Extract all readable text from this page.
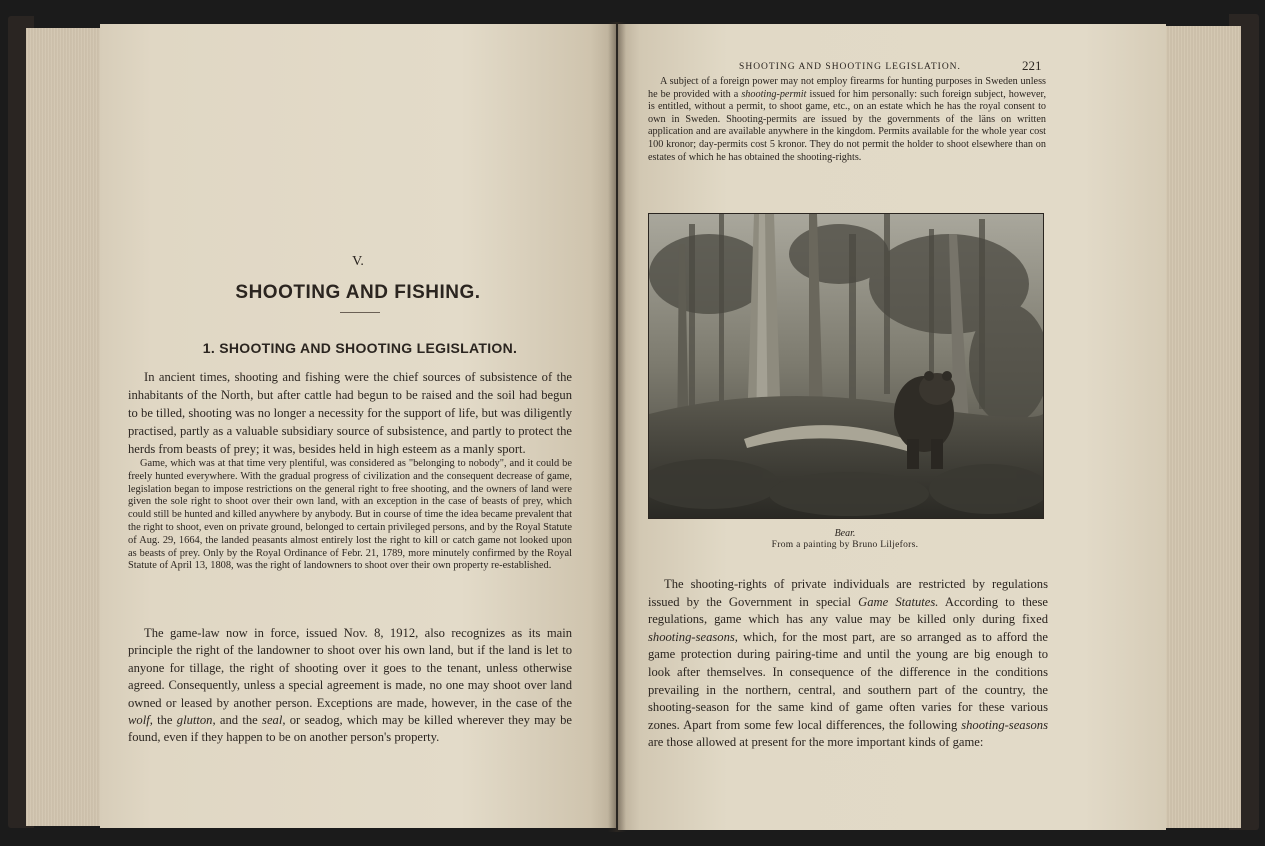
V.
SHOOTING AND FISHING.
1. SHOOTING AND SHOOTING LEGISLATION.
In ancient times, shooting and fishing were the chief sources of subsistence of the inhabitants of the North, but after cattle had begun to be raised and the soil had begun to be tilled, shooting was no longer a necessity for the support of life, but was diligently practised, partly as a valuable subsidiary source of subsistence, and partly to protect the herds from beasts of prey; it was, besides held in high esteem as a manly sport.
Game, which was at that time very plentiful, was considered as "belonging to nobody", and it could be freely hunted everywhere. With the gradual progress of civilization and the consequent decrease of game, legislation began to impose restrictions on the general right to free shooting, and the owners of land were given the sole right to shoot over their own land, with an exception in the case of beasts of prey, which could still be hunted and killed anywhere by anybody. But in course of time the idea became prevalent that the right to shoot, even on private ground, belonged to certain privileged persons, and by the Royal Statute of Aug. 29, 1664, the landed peasants almost entirely lost the right to kill or catch game not looked upon as beasts of prey. Only by the Royal Ordinance of Febr. 21, 1789, more minutely confirmed by the Royal Statute of April 13, 1808, was the right of landowners to shoot over their own property re-established.
The game-law now in force, issued Nov. 8, 1912, also recognizes as its main principle the right of the landowner to shoot over his own land, but if the land is let to anyone for tillage, the right of shooting over it goes to the tenant, unless otherwise agreed. Consequently, unless a special agreement is made, no one may shoot over land owned or leased by another person. Exceptions are made, however, in the case of the wolf, the glutton, and the seal, or seadog, which may be killed wherever they may be found, even if they happen to be on another person's property.
SHOOTING AND SHOOTING LEGISLATION.	221
A subject of a foreign power may not employ firearms for hunting purposes in Sweden unless he be provided with a shooting-permit issued for him personally: such foreign subject, however, is entitled, without a permit, to shoot game, etc., on an estate which he has the royal consent to own in Sweden. Shooting-permits are issued by the governments of the läns on written application and are available anywhere in the kingdom. Permits available for the whole year cost 100 kronor; day-permits cost 5 kronor. They do not permit the holder to shoot elsewhere than on estates of which he has obtained the shooting-rights.
Bear.
From a painting by Bruno Liljefors.
The shooting-rights of private individuals are restricted by regulations issued by the Government in special Game Statutes. According to these regulations, game which has any value may be killed only during fixed shooting-seasons, which, for the most part, are so arranged as to afford the game protection during pairing-time and until the young are big enough to look after themselves. In consequence of the difference in the conditions prevailing in the northern, central, and southern part of the country, the shooting-season for the same kind of game often varies for these various zones. Apart from some few local differences, the following shooting-seasons are those allowed at present for the more important kinds of game:
